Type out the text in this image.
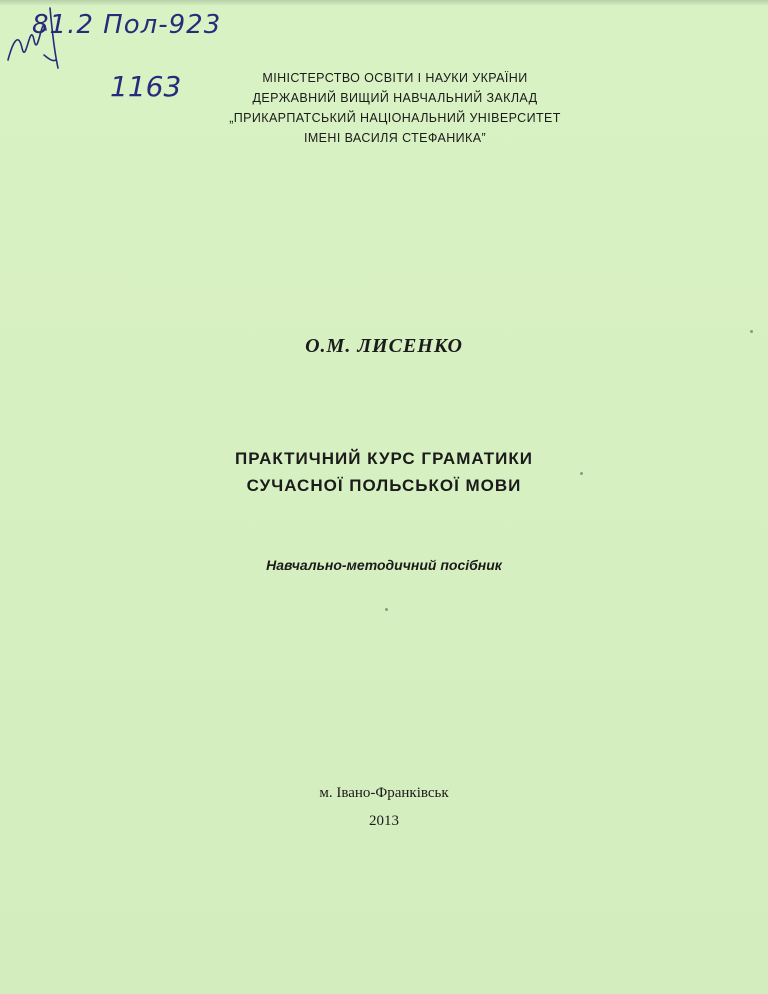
81.2 Пол-923
1163	МІНІСТЕРСТВО ОСВІТИ І НАУКИ УКРАЇНИ
ДЕРЖАВНИЙ ВИЩИЙ НАВЧАЛЬНИЙ ЗАКЛАД
„ПРИКАРПАТСЬКИЙ НАЦІОНАЛЬНИЙ УНІВЕРСИТЕТ
ІМЕНІ ВАСИЛЯ СТЕФАНИКА”
О.М. ЛИСЕНКО
ПРАКТИЧНИЙ КУРС ГРАМАТИКИ
СУЧАСНОЇ ПОЛЬСЬКОЇ МОВИ
Навчально-методичний посібник
м. Івано-Франківськ
2013
